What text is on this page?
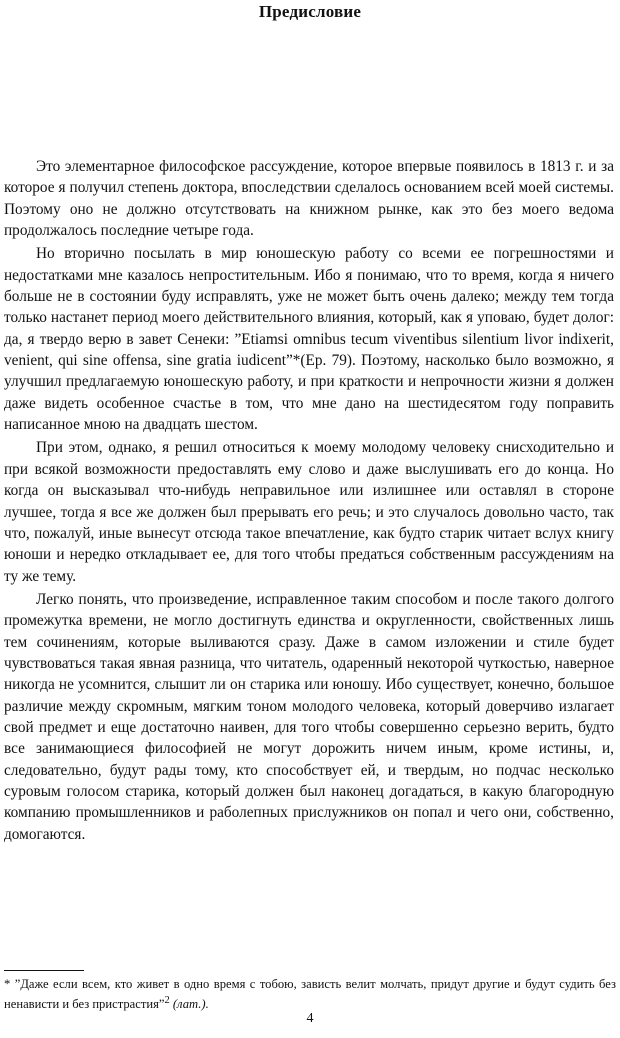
Предисловие

Это элементарное философское рассуждение, которое впервые появилось в 1813 г. и за которое я получил степень доктора, впоследствии сделалось основанием всей моей системы. Поэтому оно не должно отсутствовать на книжном рынке, как это без моего ведома продолжалось последние четыре года.

Но вторично посылать в мир юношескую работу со всеми ее погрешностями и недостатками мне казалось непростительным. Ибо я понимаю, что то время, когда я ничего больше не в состоянии буду исправлять, уже не может быть очень далеко; между тем тогда только настанет период моего действительного влияния, который, как я уповаю, будет долог: да, я твердо верю в завет Сенеки: ”Etiamsi omnibus tecum viventibus silentium livor indixerit, venient, qui sine offensa, sine gratia iudicent”*(Ep. 79). Поэтому, насколько было возможно, я улучшил предлагаемую юношескую работу, и при краткости и непрочности жизни я должен даже видеть особенное счастье в том, что мне дано на шестидесятом году поправить написанное мною на двадцать шестом.

При этом, однако, я решил относиться к моему молодому человеку снисходительно и при всякой возможности предоставлять ему слово и даже выслушивать его до конца. Но когда он высказывал что-нибудь неправильное или излишнее или оставлял в стороне лучшее, тогда я все же должен был прерывать его речь; и это случалось довольно часто, так что, пожалуй, иные вынесут отсюда такое впечатление, как будто старик читает вслух книгу юноши и нередко откладывает ее, для того чтобы предаться собственным рассуждениям на ту же тему.

Легко понять, что произведение, исправленное таким способом и после такого долгого промежутка времени, не могло достигнуть единства и округленности, свойственных лишь тем сочинениям, которые выливаются сразу. Даже в самом изложении и стиле будет чувствоваться такая явная разница, что читатель, одаренный некоторой чуткостью, наверное никогда не усомнится, слышит ли он старика или юношу. Ибо существует, конечно, большое различие между скромным, мягким тоном молодого человека, который доверчиво излагает свой предмет и еще достаточно наивен, для того чтобы совершенно серьезно верить, будто все занимающиеся философией не могут дорожить ничем иным, кроме истины, и, следовательно, будут рады тому, кто способствует ей, и твердым, но подчас несколько суровым голосом старика, который должен был наконец догадаться, в какую благородную компанию промышленников и раболепных прислужников он попал и чего они, собственно, домогаются.

* ”Даже если всем, кто живет в одно время с тобою, зависть велит молчать, придут другие и будут судить без ненависти и без пристрастия”$^2$ (лат.).

4
